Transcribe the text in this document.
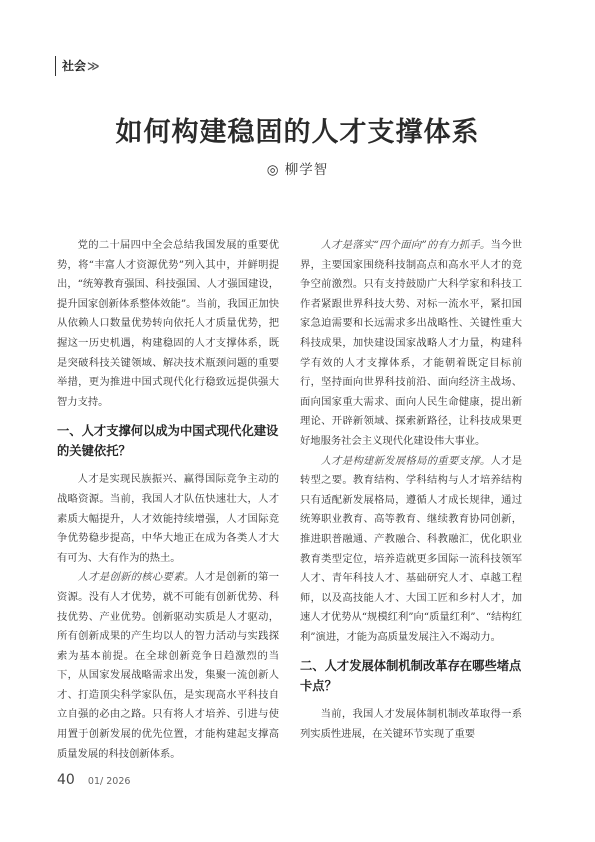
社会≫
如何构建稳固的人才支撑体系
◎ 柳学智

党的二十届四中全会总结我国发展的重要优势，将“丰富人才资源优势”列入其中，并鲜明提出，“统筹教育强国、科技强国、人才强国建设，提升国家创新体系整体效能”。当前，我国正加快从依赖人口数量优势转向依托人才质量优势，把握这一历史机遇，构建稳固的人才支撑体系，既是突破科技关键领域、解决技术瓶颈问题的重要举措，更为推进中国式现代化行稳致远提供强大智力支持。

一、人才支撑何以成为中国式现代化建设的关键依托？

人才是实现民族振兴、赢得国际竞争主动的战略资源。当前，我国人才队伍快速壮大，人才素质大幅提升，人才效能持续增强，人才国际竞争优势稳步提高，中华大地正在成为各类人才大有可为、大有作为的热土。

人才是创新的核心要素。人才是创新的第一资源。没有人才优势，就不可能有创新优势、科技优势、产业优势。创新驱动实质是人才驱动，所有创新成果的产生均以人的智力活动与实践探索为基本前提。在全球创新竞争日趋激烈的当下，从国家发展战略需求出发，集聚一流创新人才、打造顶尖科学家队伍，是实现高水平科技自立自强的必由之路。只有将人才培养、引进与使用置于创新发展的优先位置，才能构建起支撑高质量发展的科技创新体系。

人才是落实“四个面向”的有力抓手。当今世界，主要国家围绕科技制高点和高水平人才的竞争空前激烈。只有支持鼓励广大科学家和科技工作者紧跟世界科技大势、对标一流水平，紧扣国家急迫需要和长远需求多出战略性、关键性重大科技成果，加快建设国家战略人才力量，构建科学有效的人才支撑体系，才能朝着既定目标前行，坚持面向世界科技前沿、面向经济主战场、面向国家重大需求、面向人民生命健康，提出新理论、开辟新领域、探索新路径，让科技成果更好地服务社会主义现代化建设伟大事业。

人才是构建新发展格局的重要支撑。人才是转型之要。教育结构、学科结构与人才培养结构只有适配新发展格局，遵循人才成长规律，通过统筹职业教育、高等教育、继续教育协同创新，推进职普融通、产教融合、科教融汇，优化职业教育类型定位，培养造就更多国际一流科技领军人才、青年科技人才、基础研究人才、卓越工程师，以及高技能人才、大国工匠和乡村人才，加速人才优势从“规模红利”向“质量红利”、“结构红利”演进，才能为高质量发展注入不竭动力。

二、人才发展体制机制改革存在哪些堵点卡点？

当前，我国人才发展体制机制改革取得一系列实质性进展，在关键环节实现了重要

40 01/ 2026
